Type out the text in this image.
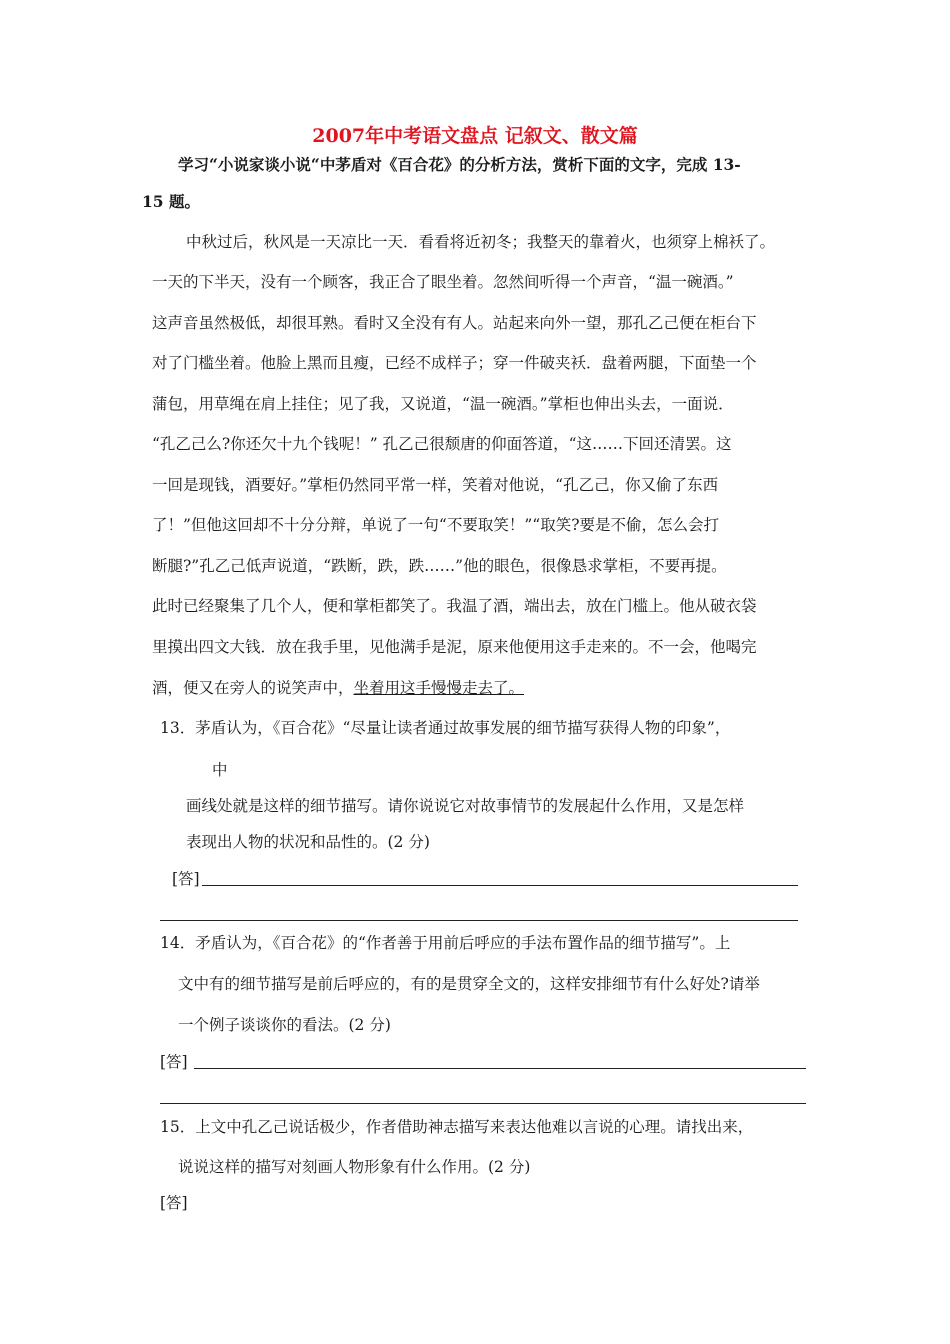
2007年中考语文盘点 记叙文、散文篇
学习“小说家谈小说“中茅盾对《百合花》的分析方法，赏析下面的文字，完成 13-
15 题。
中秋过后，秋风是一天凉比一天．看看将近初冬；我整天的靠着火，也须穿上棉袄了。
一天的下半天，没有一个顾客，我正合了眼坐着。忽然间听得一个声音，“温一碗酒。”
这声音虽然极低，却很耳熟。看时又全没有有人。站起来向外一望，那孔乙己便在柜台下
对了门槛坐着。他脸上黑而且瘦，已经不成样子；穿一件破夹袄．盘着两腿，下面垫一个
蒲包，用草绳在肩上挂住；见了我，又说道，“温一碗酒。”掌柜也伸出头去，一面说．
“孔乙己么?你还欠十九个钱呢！” 孔乙己很颓唐的仰面答道，“这……下回还清罢。这
一回是现钱，酒要好。”掌柜仍然同平常一样，笑着对他说，“孔乙己，你又偷了东西
了！”但他这回却不十分分辩，单说了一句“不要取笑！”“取笑?要是不偷，怎么会打
断腿?”孔乙己低声说道，“跌断，跌，跌……”他的眼色，很像恳求掌柜，不要再提。
此时已经聚集了几个人，便和掌柜都笑了。我温了酒，端出去，放在门槛上。他从破衣袋
里摸出四文大钱．放在我手里，见他满手是泥，原来他便用这手走来的。不一会，他喝完
酒，便又在旁人的说笑声中，坐着用这手慢慢走去了。
13．茅盾认为，《百合花》“尽量让读者通过故事发展的细节描写获得人物的印象”，
中
画线处就是这样的细节描写。请你说说它对故事情节的发展起什么作用，又是怎样
表现出人物的状况和品性的。(2 分)
[答]
14．矛盾认为，《百合花》的“作者善于用前后呼应的手法布置作品的细节描写”。上
文中有的细节描写是前后呼应的，有的是贯穿全文的，这样安排细节有什么好处?请举
一个例子谈谈你的看法。(2 分)
[答]
15．上文中孔乙己说话极少，作者借助神志描写来表达他难以言说的心理。请找出来，
说说这样的描写对刻画人物形象有什么作用。(2 分)
[答]
